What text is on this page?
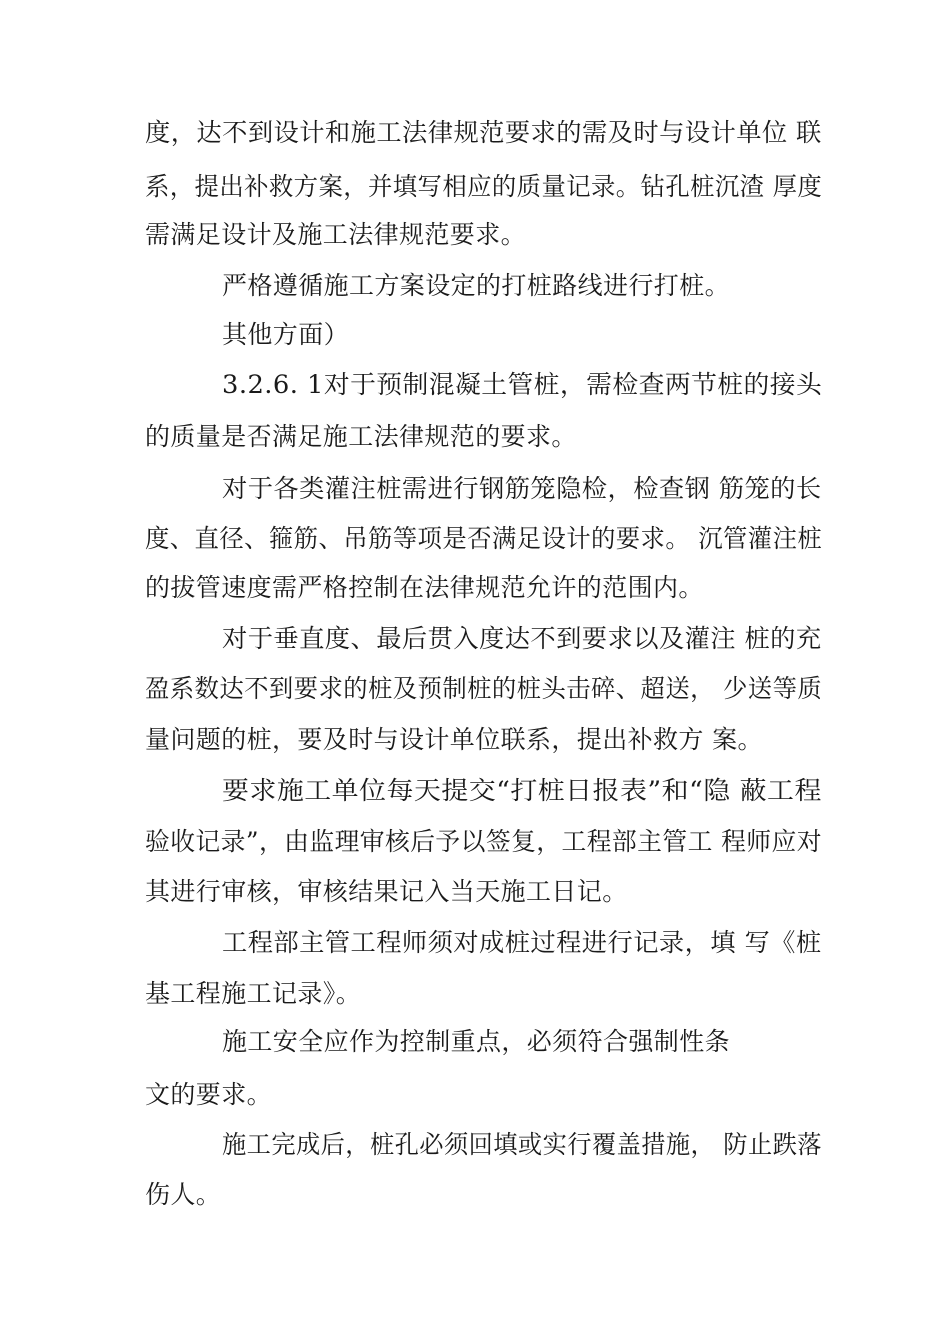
度，达不到设计和施工法律规范要求的需及时与设计单位 联
系，提出补救方案，并填写相应的质量记录。钻孔桩沉渣 厚度
需满足设计及施工法律规范要求。
严格遵循施工方案设定的打桩路线进行打桩。
其他方面）
3.2.6. 1对于预制混凝土管桩，需检查两节桩的接头
的质量是否满足施工法律规范的要求。
对于各类灌注桩需进行钢筋笼隐检，检查钢 筋笼的长
度、直径、箍筋、吊筋等项是否满足设计的要求。 沉管灌注桩
的拔管速度需严格控制在法律规范允许的范围内。
对于垂直度、最后贯入度达不到要求以及灌注 桩的充
盈系数达不到要求的桩及预制桩的桩头击碎、超送， 少送等质
量问题的桩，要及时与设计单位联系，提出补救方 案。
要求施工单位每天提交“打桩日报表”和“隐 蔽工程
验收记录”，由监理审核后予以签复，工程部主管工 程师应对
其进行审核，审核结果记入当天施工日记。
工程部主管工程师须对成桩过程进行记录，填 写《桩
基工程施工记录》。
施工安全应作为控制重点，必须符合强制性条
文的要求。
施工完成后，桩孔必须回填或实行覆盖措施， 防止跌落
伤人。
